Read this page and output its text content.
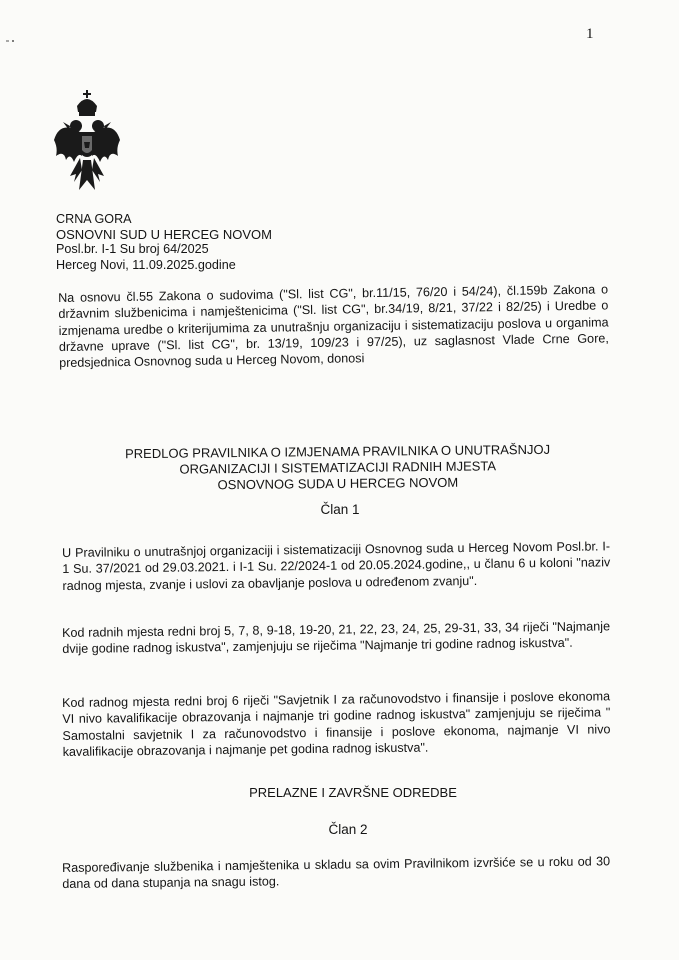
1
CRNA GORA
OSNOVNI SUD U HERCEG NOVOM
Posl.br. I-1 Su broj 64/2025
Herceg Novi, 11.09.2025.godine
Na osnovu čl.55 Zakona o sudovima ("Sl. list CG", br.11/15, 76/20 i 54/24), čl.159b Zakona o državnim službenicima i namještenicima ("Sl. list CG", br.34/19, 8/21, 37/22 i 82/25) i Uredbe o izmjenama uredbe o kriterijumima za unutrašnju organizaciju i sistematizaciju poslova u organima državne uprave ("Sl. list CG", br. 13/19, 109/23 i 97/25), uz saglasnost Vlade Crne Gore, predsjednica Osnovnog suda u Herceg Novom, donosi
PREDLOG PRAVILNIKA O IZMJENAMA PRAVILNIKA O UNUTRAŠNJOJ
ORGANIZACIJI I SISTEMATIZACIJI RADNIH MJESTA
OSNOVNOG SUDA U HERCEG NOVOM
Član 1
U Pravilniku o unutrašnjoj organizaciji i sistematizaciji Osnovnog suda u Herceg Novom Posl.br. I-1 Su. 37/2021 od 29.03.2021. i I-1 Su. 22/2024-1 od 20.05.2024.godine,, u članu 6 u koloni "naziv radnog mjesta, zvanje i uslovi za obavljanje poslova u određenom zvanju".
Kod radnih mjesta redni broj 5, 7, 8, 9-18, 19-20, 21, 22, 23, 24, 25, 29-31, 33, 34 riječi "Najmanje dvije godine radnog iskustva", zamjenjuju se riječima "Najmanje tri godine radnog iskustva".
Kod radnog mjesta redni broj 6 riječi "Savjetnik I za računovodstvo i finansije i poslove ekonoma VI nivo kavalifikacije obrazovanja i najmanje tri godine radnog iskustva" zamjenjuju se riječima " Samostalni savjetnik I za računovodstvo i finansije i poslove ekonoma, najmanje VI nivo kavalifikacije obrazovanja i najmanje pet godina radnog iskustva".
PRELAZNE I ZAVRŠNE ODREDBE
Član 2
Raspoređivanje službenika i namještenika u skladu sa ovim Pravilnikom izvršiće se u roku od 30 dana od dana stupanja na snagu istog.
